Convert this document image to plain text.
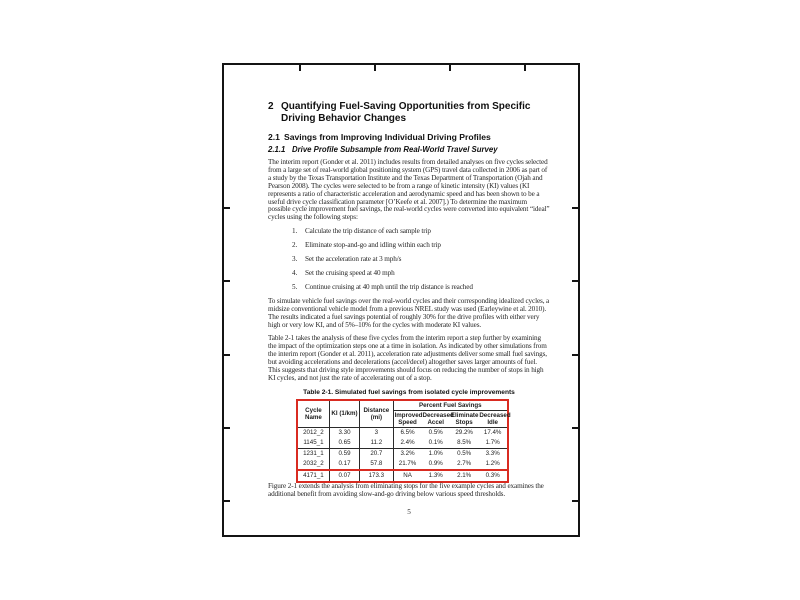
2 Quantifying Fuel-Saving Opportunities from Specific Driving Behavior Changes
2.1 Savings from Improving Individual Driving Profiles
2.1.1 Drive Profile Subsample from Real-World Travel Survey

The interim report (Gonder et al. 2011) includes results from detailed analyses on five cycles selected from a large set of real-world global positioning system (GPS) travel data collected in 2006 as part of a study by the Texas Transportation Institute and the Texas Department of Transportation (Ojah and Pearson 2008). The cycles were selected to be from a range of kinetic intensity (KI) values (KI represents a ratio of characteristic acceleration and aerodynamic speed and has been shown to be a useful drive cycle classification parameter [O’Keefe et al. 2007].) To determine the maximum possible cycle improvement fuel savings, the real-world cycles were converted into equivalent “ideal” cycles using the following steps:

1.	Calculate the trip distance of each sample trip
2.	Eliminate stop-and-go and idling within each trip
3.	Set the acceleration rate at 3 mph/s
4.	Set the cruising speed at 40 mph
5.	Continue cruising at 40 mph until the trip distance is reached

To simulate vehicle fuel savings over the real-world cycles and their corresponding idealized cycles, a midsize conventional vehicle model from a previous NREL study was used (Earleywine et al. 2010). The results indicated a fuel savings potential of roughly 30% for the drive profiles with either very high or very low KI, and of 5%–10% for the cycles with moderate KI values.

Table 2-1 takes the analysis of these five cycles from the interim report a step further by examining the impact of the optimization steps one at a time in isolation. As indicated by other simulations from the interim report (Gonder et al. 2011), acceleration rate adjustments deliver some small fuel savings, but avoiding accelerations and decelerations (accel/decel) altogether saves larger amounts of fuel. This suggests that driving style improvements should focus on reducing the number of stops in high KI cycles, and not just the rate of accelerating out of a stop.

Table 2-1. Simulated fuel savings from isolated cycle improvements
Cycle Name	KI (1/km)	Distance (mi)	Percent Fuel Savings			
			Improved Speed	Decreased Accel	Eliminate Stops	Decreased Idle
2012_2	3.30	3	6.5%	0.5%	29.2%	17.4%
1145_1	0.65	11.2	2.4%	0.1%	8.5%	1.7%
1231_1	0.59	20.7	3.2%	1.0%	0.5%	3.3%
2032_2	0.17	57.8	21.7%	0.9%	2.7%	1.2%
4171_1	0.07	173.3	NA	1.3%	2.1%	0.3%

Figure 2-1 extends the analysis from eliminating stops for the five example cycles and examines the additional benefit from avoiding slow-and-go driving below various speed thresholds.

5
